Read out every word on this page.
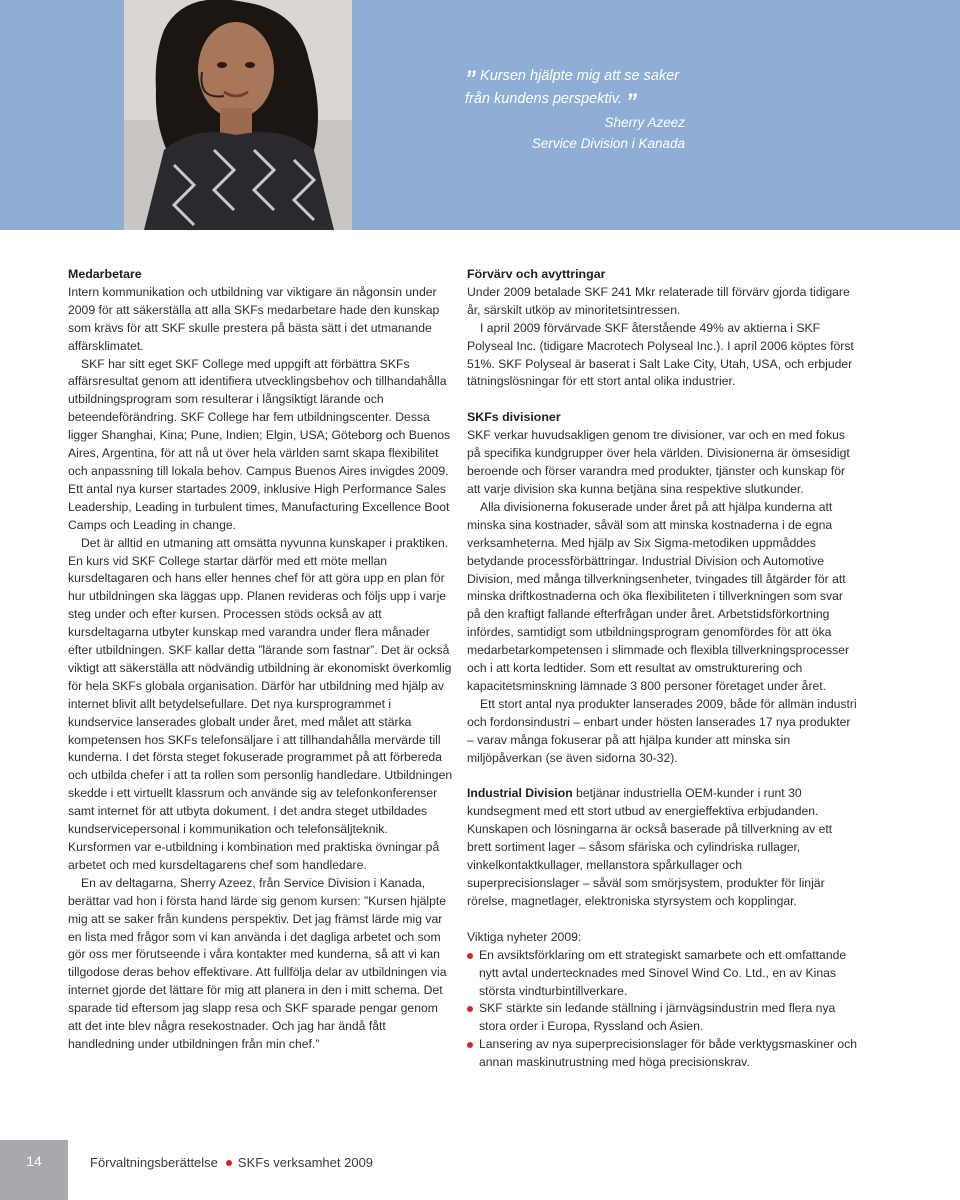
” Kursen hjälpte mig att se saker från kundens perspektiv. ”
Sherry Azeez
Service Division i Kanada
Medarbetare

Intern kommunikation och utbildning var viktigare än någonsin under 2009 för att säkerställa att alla SKFs medarbetare hade den kunskap som krävs för att SKF skulle prestera på bästa sätt i det utmanande affärsklimatet.

SKF har sitt eget SKF College med uppgift att förbättra SKFs affärsresultat genom att identifiera utvecklingsbehov och tillhandahålla utbildningsprogram som resulterar i långsiktigt lärande och beteendeförändring. SKF College har fem utbildningscenter. Dessa ligger Shanghai, Kina; Pune, Indien; Elgin, USA; Göteborg och Buenos Aires, Argentina, för att nå ut över hela världen samt skapa flexibilitet och anpassning till lokala behov. Campus Buenos Aires invigdes 2009. Ett antal nya kurser startades 2009, inklusive High Performance Sales Leadership, Leading in turbulent times, Manufacturing Excellence Boot Camps och Leading in change.

Det är alltid en utmaning att omsätta nyvunna kunskaper i praktiken. En kurs vid SKF College startar därför med ett möte mellan kursdeltagaren och hans eller hennes chef för att göra upp en plan för hur utbildningen ska läggas upp. Planen revideras och följs upp i varje steg under och efter kursen. Processen stöds också av att kursdeltagarna utbyter kunskap med varandra under flera månader efter utbildningen. SKF kallar detta ”lärande som fastnar”. Det är också viktigt att säkerställa att nödvändig utbildning är ekonomiskt överkomlig för hela SKFs globala organisation. Därför har utbildning med hjälp av internet blivit allt betydelsefullare. Det nya kursprogrammet i kundservice lanserades globalt under året, med målet att stärka kompetensen hos SKFs telefonsäljare i att tillhandahålla mervärde till kunderna. I det första steget fokuserade programmet på att förbereda och utbilda chefer i att ta rollen som personlig handledare. Utbildningen skedde i ett virtuellt klassrum och använde sig av telefonkonferenser samt internet för att utbyta dokument. I det andra steget utbildades kundservicepersonal i kommunikation och telefonsäljteknik. Kursformen var e-utbildning i kombination med praktiska övningar på arbetet och med kursdeltagarens chef som handledare.

En av deltagarna, Sherry Azeez, från Service Division i Kanada, berättar vad hon i första hand lärde sig genom kursen: ”Kursen hjälpte mig att se saker från kundens perspektiv. Det jag främst lärde mig var en lista med frågor som vi kan använda i det dagliga arbetet och som gör oss mer förutseende i våra kontakter med kunderna, så att vi kan tillgodose deras behov effektivare. Att fullfölja delar av utbildningen via internet gjorde det lättare för mig att planera in den i mitt schema. Det sparade tid eftersom jag slapp resa och SKF sparade pengar genom att det inte blev några resekostnader. Och jag har ändå fått handledning under utbildningen från min chef.”

Förvärv och avyttringar

Under 2009 betalade SKF 241 Mkr relaterade till förvärv gjorda tidigare år, särskilt utköp av minoritetsintressen.

I april 2009 förvärvade SKF återstående 49% av aktierna i SKF Polyseal Inc. (tidigare Macrotech Polyseal Inc.). I april 2006 köptes först 51%. SKF Polyseal är baserat i Salt Lake City, Utah, USA, och erbjuder tätningslösningar för ett stort antal olika industrier.

SKFs divisioner

SKF verkar huvudsakligen genom tre divisioner, var och en med fokus på specifika kundgrupper över hela världen. Divisionerna är ömsesidigt beroende och förser varandra med produkter, tjänster och kunskap för att varje division ska kunna betjäna sina respektive slutkunder.

Alla divisionerna fokuserade under året på att hjälpa kunderna att minska sina kostnader, såväl som att minska kostnaderna i de egna verksamheterna. Med hjälp av Six Sigma-metodiken uppmåddes betydande processförbättringar. Industrial Division och Automotive Division, med många tillverkningsenheter, tvingades till åtgärder för att minska driftkostnaderna och öka flexibiliteten i tillverkningen som svar på den kraftigt fallande efterfrågan under året. Arbetstidsförkortning infördes, samtidigt som utbildningsprogram genomfördes för att öka medarbetarkompetensen i slimmade och flexibla tillverkningsprocesser och i att korta ledtider. Som ett resultat av omstrukturering och kapacitetsminskning lämnade 3 800 personer företaget under året.

Ett stort antal nya produkter lanserades 2009, både för allmän industri och fordonsindustri – enbart under hösten lanserades 17 nya produkter – varav många fokuserar på att hjälpa kunder att minska sin miljöpåverkan (se även sidorna 30-32).

Industrial Division betjänar industriella OEM-kunder i runt 30 kundsegment med ett stort utbud av energieffektiva erbjudanden. Kunskapen och lösningarna är också baserade på tillverkning av ett brett sortiment lager – såsom sfäriska och cylindriska rullager, vinkelkontaktkullager, mellanstora spårkullager och superprecisionslager – såväl som smörjsystem, produkter för linjär rörelse, magnetlager, elektroniska styrsystem och kopplingar.

Viktiga nyheter 2009:

En avsiktsförklaring om ett strategiskt samarbete och ett omfattande nytt avtal undertecknades med Sinovel Wind Co. Ltd., en av Kinas största vindturbintillverkare.
SKF stärkte sin ledande ställning i järnvägsindustrin med flera nya stora order i Europa, Ryssland och Asien.
Lansering av nya superprecisionslager för både verktygsmaskiner och annan maskinutrustning med höga precisionskrav.
14	Förvaltningsberättelse SKFs verksamhet 2009
